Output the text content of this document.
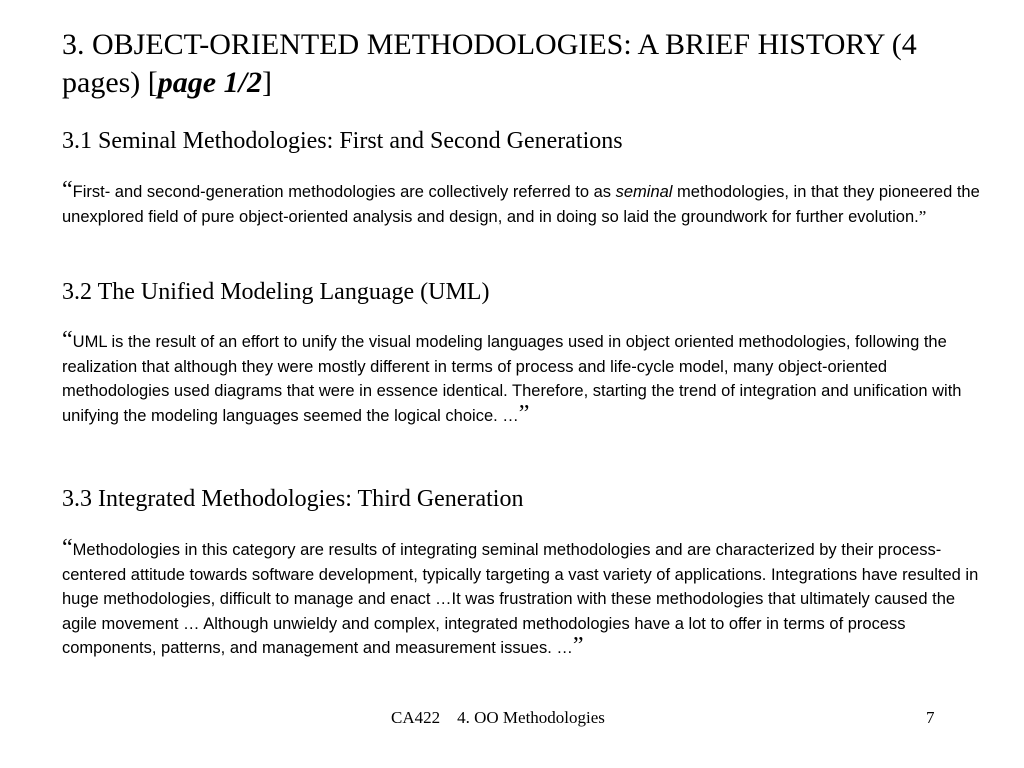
3. OBJECT-ORIENTED METHODOLOGIES: A BRIEF HISTORY (4 pages) [page 1/2]
3.1 Seminal Methodologies: First and Second Generations

“First- and second-generation methodologies are collectively referred to as seminal methodologies, in that they pioneered the unexplored field of pure object-oriented analysis and design, and in doing so laid the groundwork for further evolution.”

3.2 The Unified Modeling Language (UML)

“UML is the result of an effort to unify the visual modeling languages used in object oriented methodologies, following the realization that although they were mostly different in terms of process and life-cycle model, many object-oriented methodologies used diagrams that were in essence identical. Therefore, starting the trend of integration and unification with unifying the modeling languages seemed the logical choice. …”

3.3 Integrated Methodologies: Third Generation

“Methodologies in this category are results of integrating seminal methodologies and are characterized by their process-centered attitude towards software development, typically targeting a vast variety of applications. Integrations have resulted in huge methodologies, difficult to manage and enact …It was frustration with these methodologies that ultimately caused the agile movement … Although unwieldy and complex, integrated methodologies have a lot to offer in terms of process components, patterns, and management and measurement issues. …”

CA422    4. OO Methodologies	7
